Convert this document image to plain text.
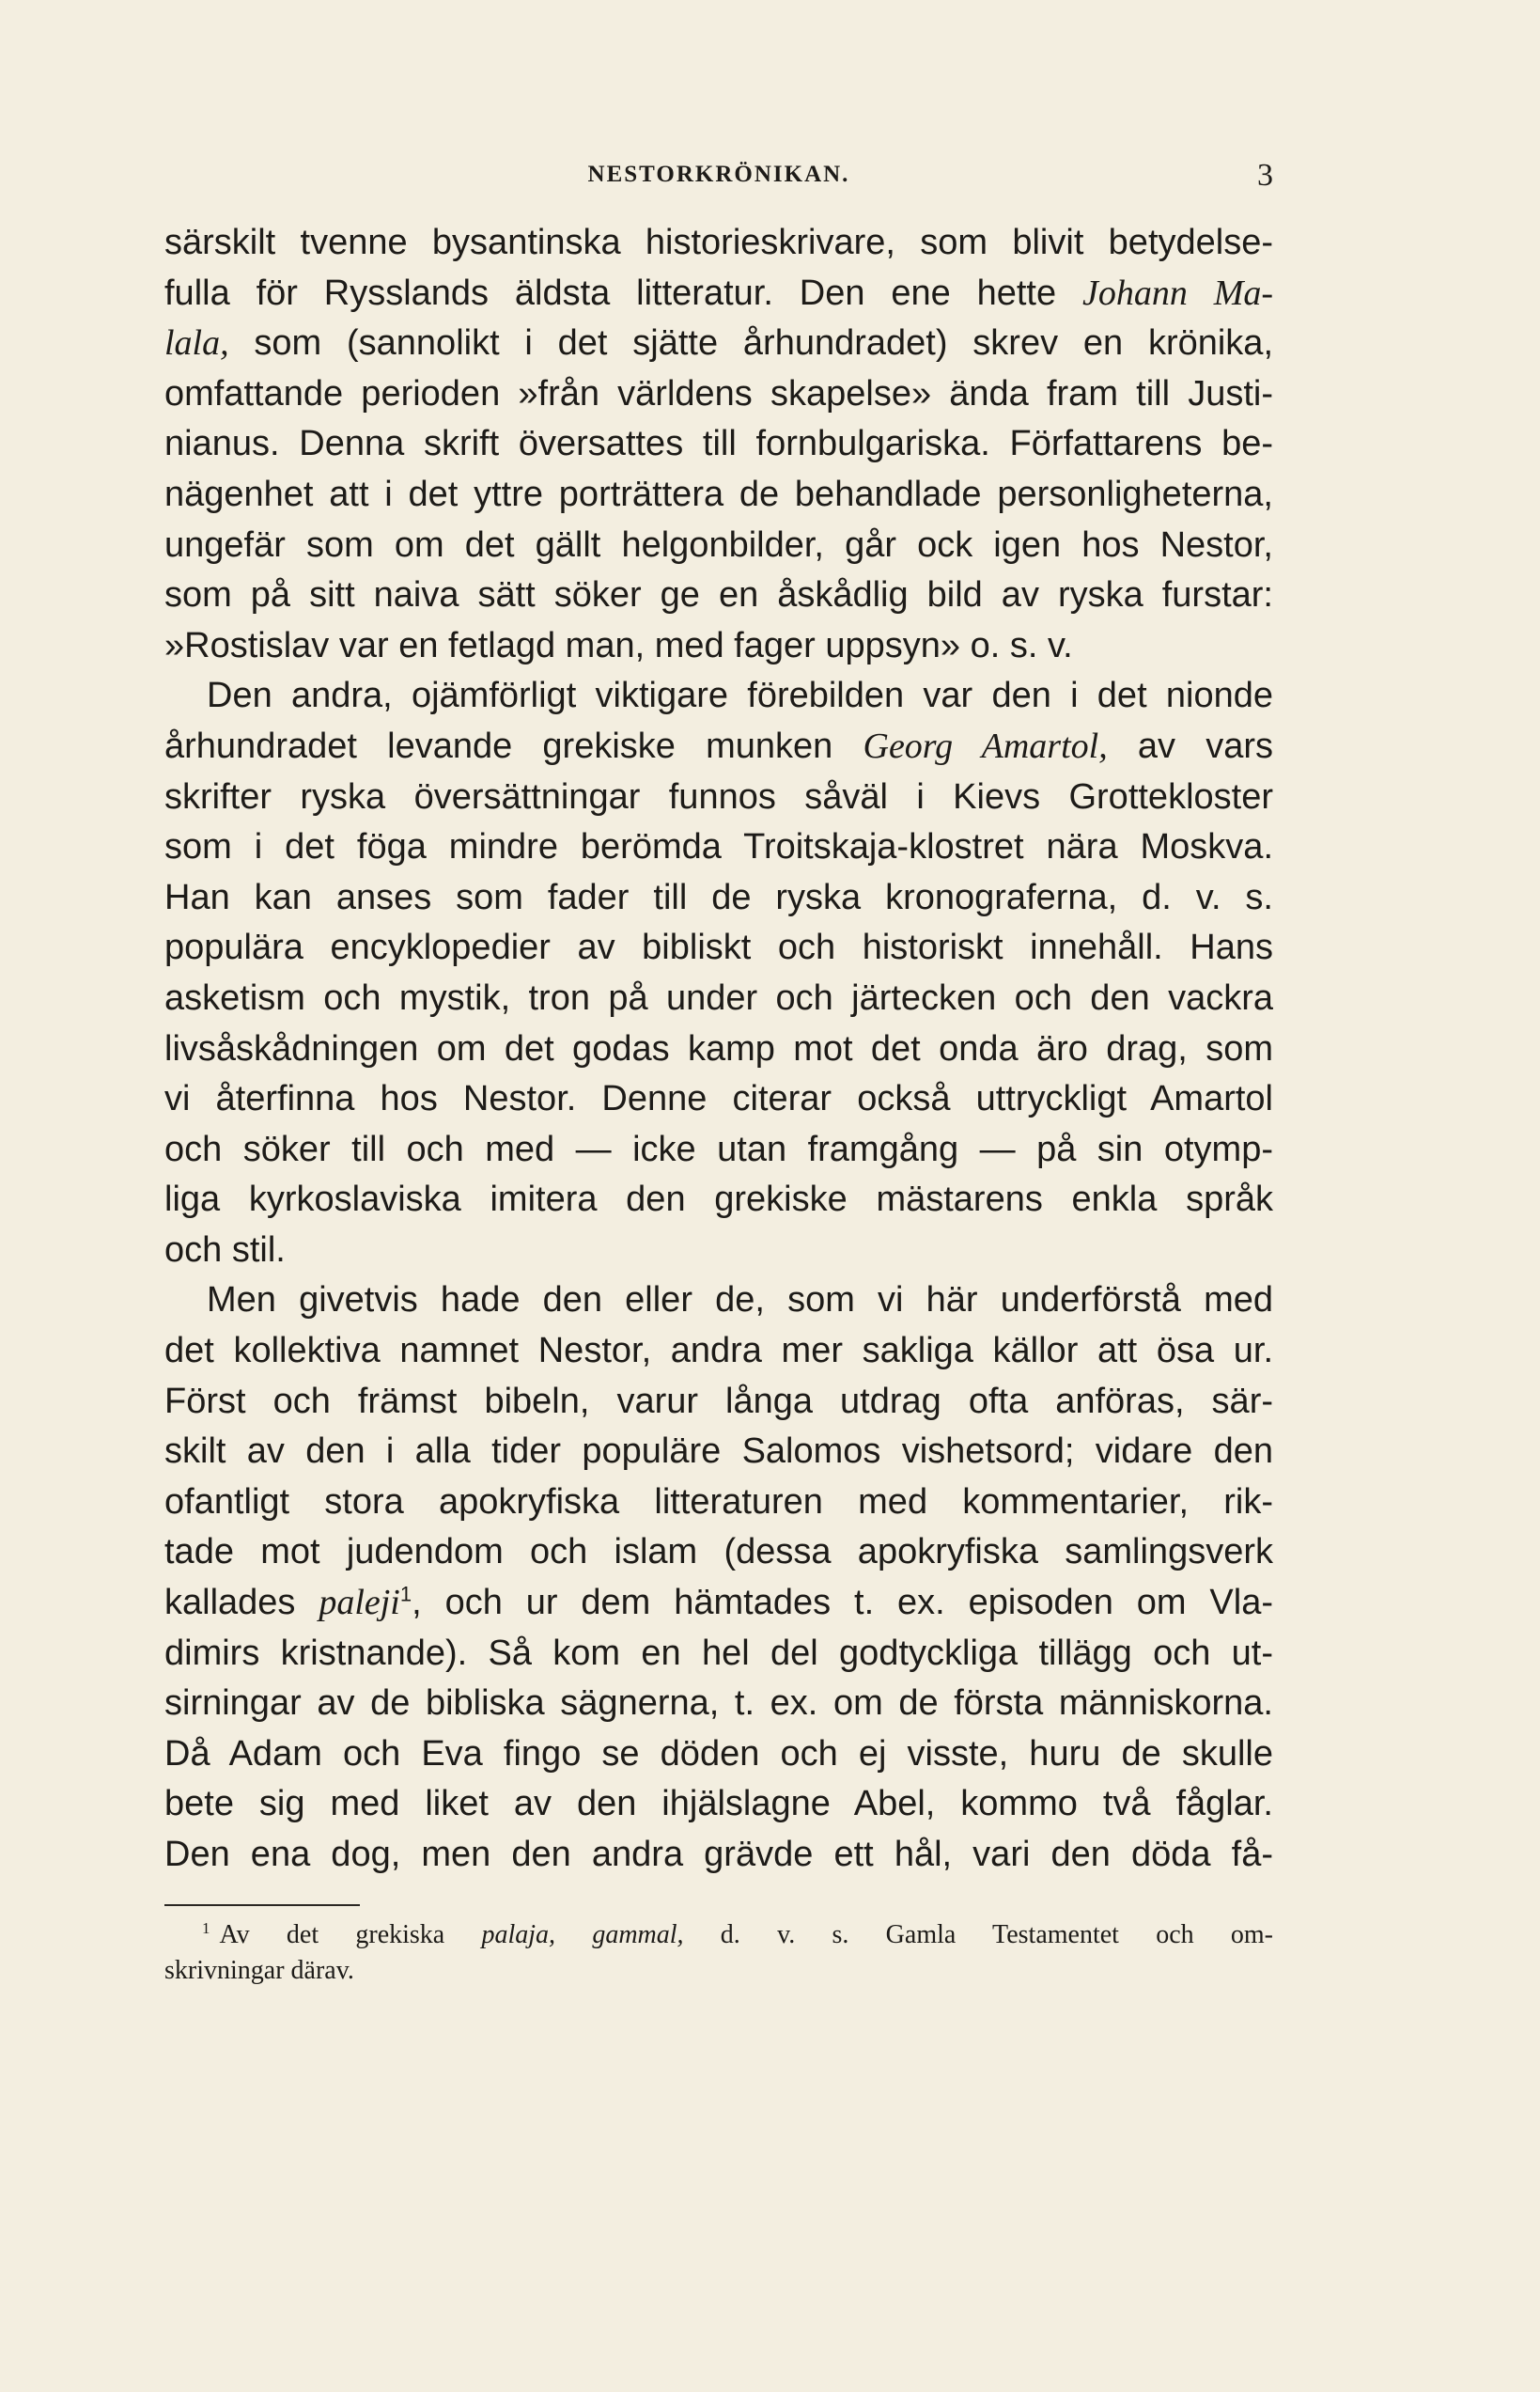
NESTORKRÖNIKAN.	3
särskilt tvenne bysantinska historieskrivare, som blivit betydelse-
fulla för Rysslands äldsta litteratur. Den ene hette Johann Ma-
lala, som (sannolikt i det sjätte århundradet) skrev en krönika,
omfattande perioden »från världens skapelse» ända fram till Justi-
nianus. Denna skrift översattes till fornbulgariska. Författarens be-
nägenhet att i det yttre porträttera de behandlade personligheterna,
ungefär som om det gällt helgonbilder, går ock igen hos Nestor,
som på sitt naiva sätt söker ge en åskådlig bild av ryska furstar:
»Rostislav var en fetlagd man, med fager uppsyn» o. s. v.
Den andra, ojämförligt viktigare förebilden var den i det nionde
århundradet levande grekiske munken Georg Amartol, av vars
skrifter ryska översättningar funnos såväl i Kievs Grottekloster
som i det föga mindre berömda Troitskaja-klostret nära Moskva.
Han kan anses som fader till de ryska kronograferna, d. v. s.
populära encyklopedier av bibliskt och historiskt innehåll. Hans
asketism och mystik, tron på under och järtecken och den vackra
livsåskådningen om det godas kamp mot det onda äro drag, som
vi återfinna hos Nestor. Denne citerar också uttryckligt Amartol
och söker till och med — icke utan framgång — på sin otymp-
liga kyrkoslaviska imitera den grekiske mästarens enkla språk
och stil.
Men givetvis hade den eller de, som vi här underförstå med
det kollektiva namnet Nestor, andra mer sakliga källor att ösa ur.
Först och främst bibeln, varur långa utdrag ofta anföras, sär-
skilt av den i alla tider populäre Salomos vishetsord; vidare den
ofantligt stora apokryfiska litteraturen med kommentarier, rik-
tade mot judendom och islam (dessa apokryfiska samlingsverk
kallades paleji$^1$, och ur dem hämtades t. ex. episoden om Vla-
dimirs kristnande). Så kom en hel del godtyckliga tillägg och ut-
sirningar av de bibliska sägnerna, t. ex. om de första människorna.
Då Adam och Eva fingo se döden och ej visste, huru de skulle
bete sig med liket av den ihjälslagne Abel, kommo två fåglar.
Den ena dog, men den andra grävde ett hål, vari den döda få-
$^1$ Av det grekiska palaja, gammal, d. v. s. Gamla Testamentet och om-
skrivningar därav.
